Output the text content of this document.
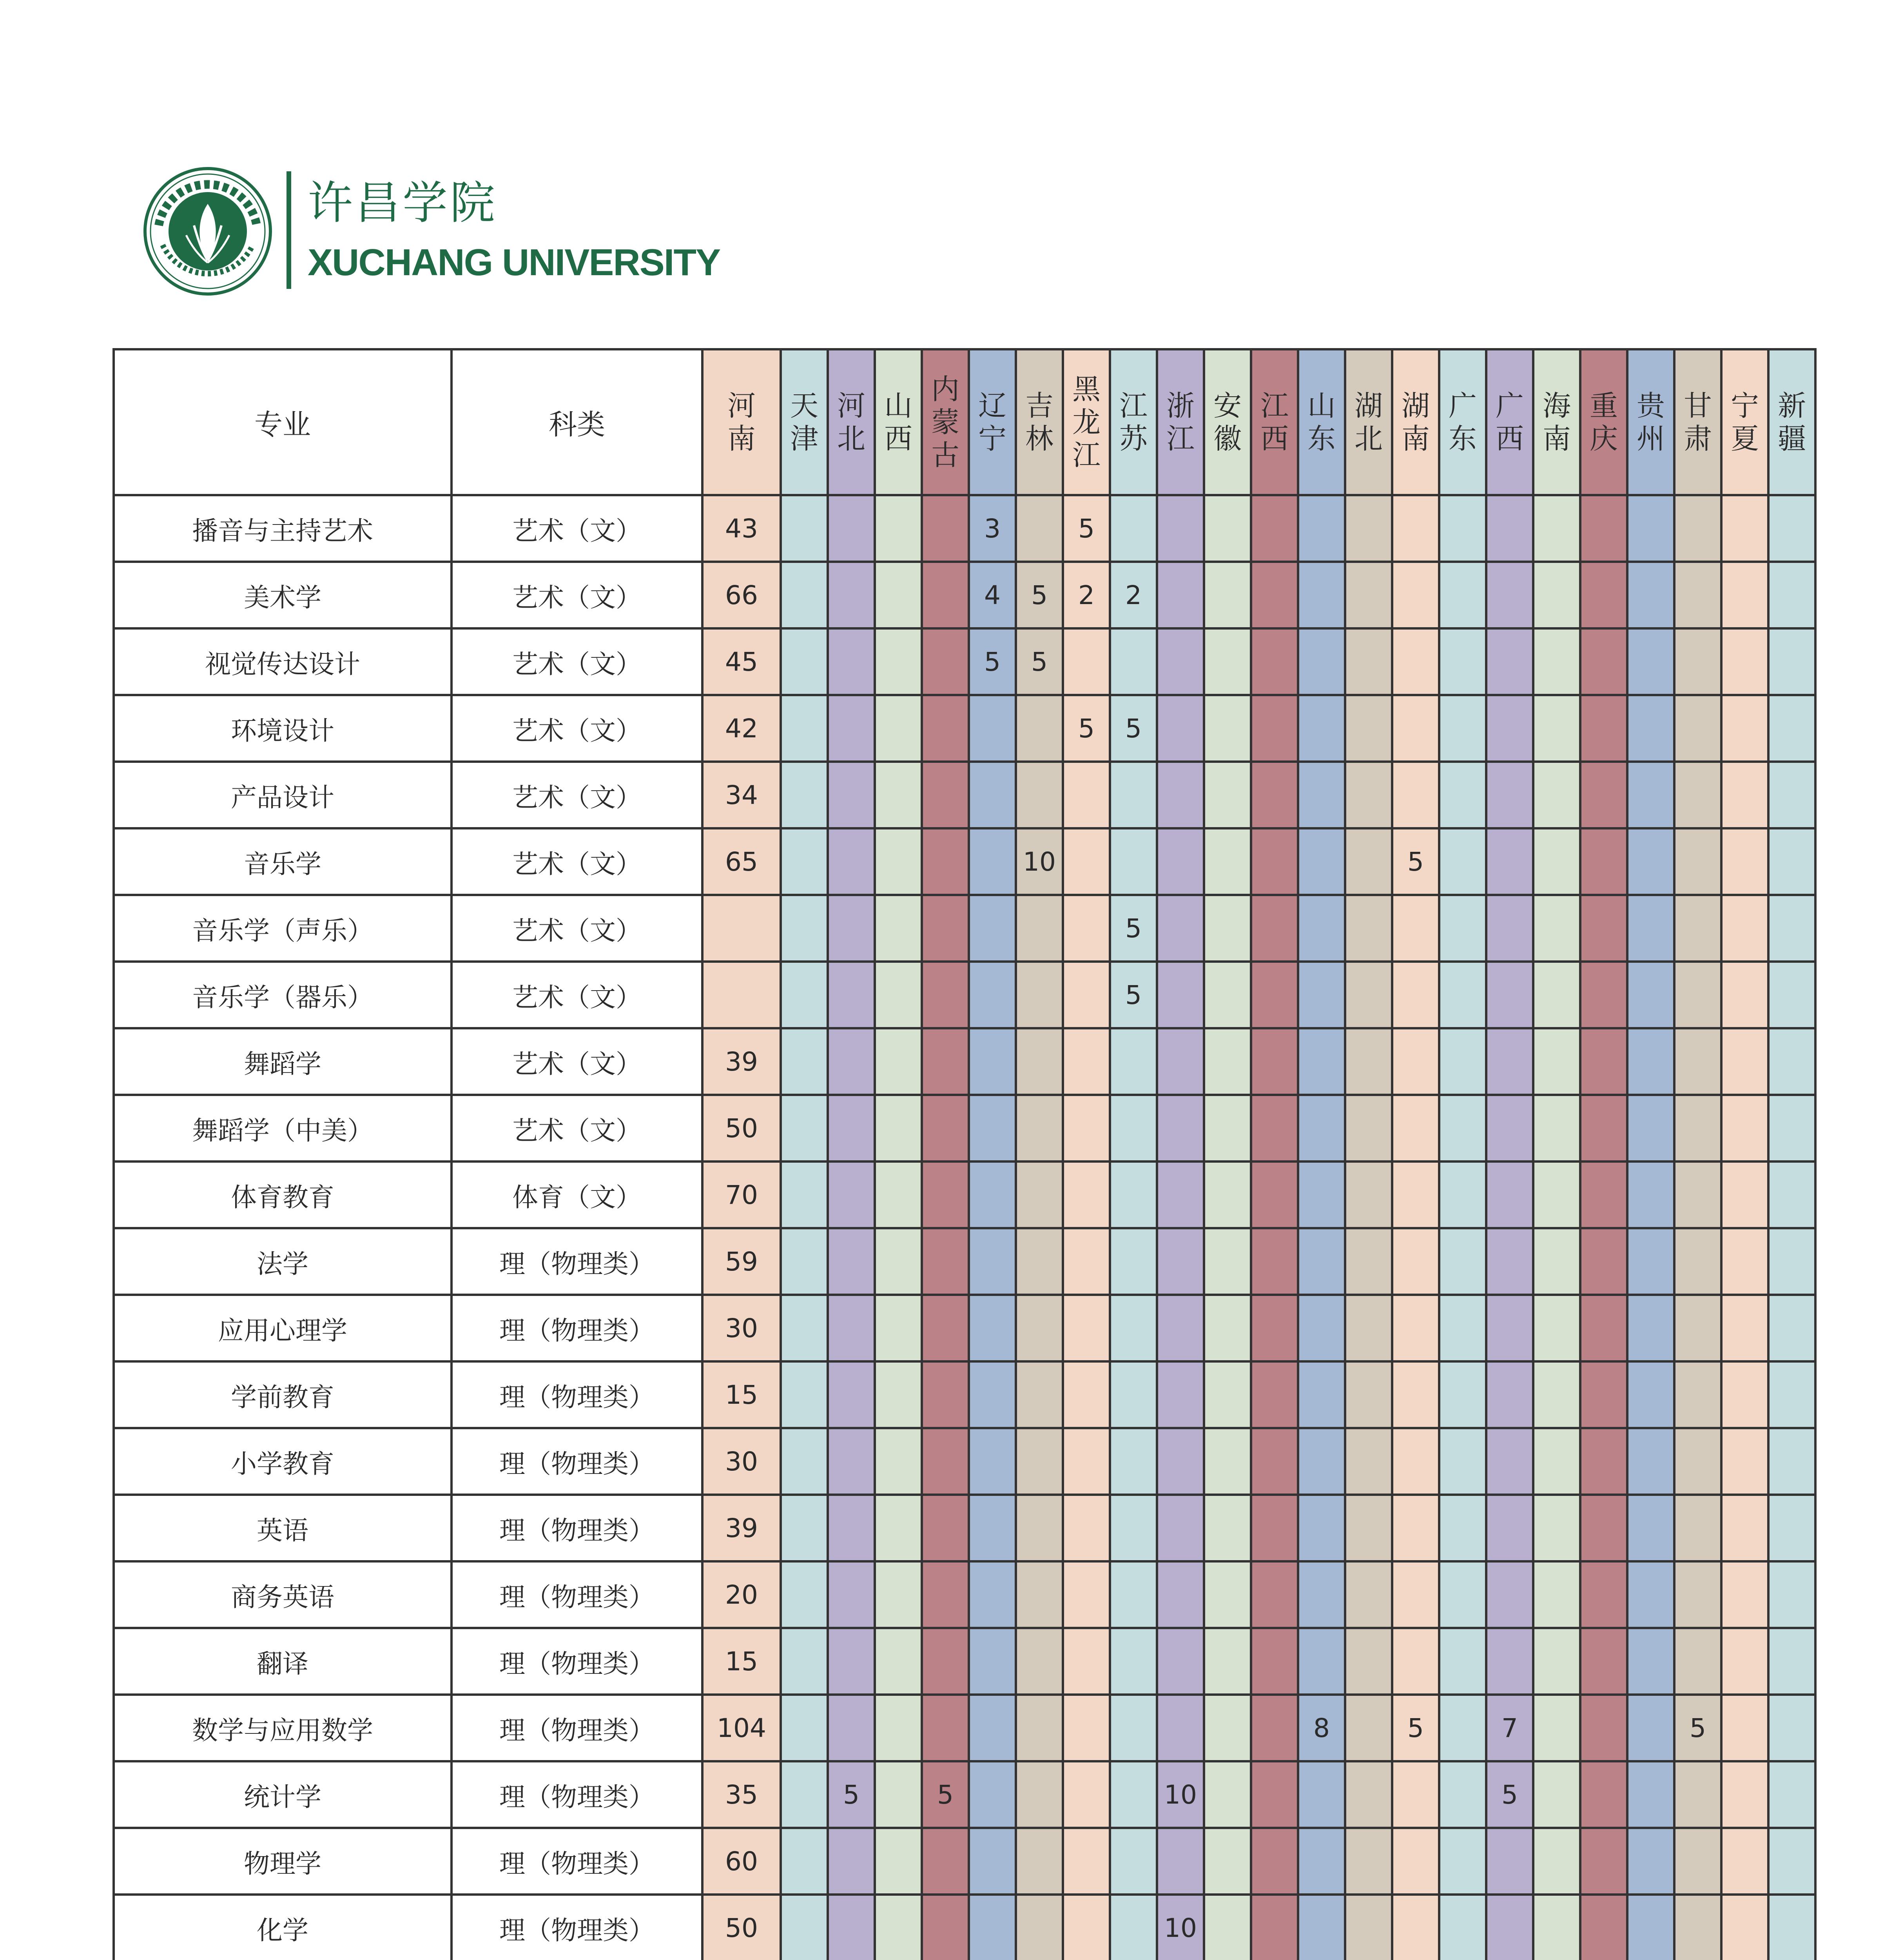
许昌学院
XUCHANG UNIVERSITY
专业	科类	河南	天津	河北	山西	内蒙古	辽宁	吉林	黑龙江	江苏	浙江	安徽	江西	山东	湖北	湖南	广东	广西	海南	重庆	贵州	甘肃	宁夏	新疆
播音与主持艺术	艺术（文）	43					3		5															
美术学	艺术（文）	66					4	5	2	2														
视觉传达设计	艺术（文）	45					5	5																
环境设计	艺术（文）	42							5	5														
产品设计	艺术（文）	34																						
音乐学	艺术（文）	65						10								5								
音乐学（声乐）	艺术（文）									5														
音乐学（器乐）	艺术（文）									5														
舞蹈学	艺术（文）	39																						
舞蹈学（中美）	艺术（文）	50																						
体育教育	体育（文）	70																						
法学	理（物理类）	59																						
应用心理学	理（物理类）	30																						
学前教育	理（物理类）	15																						
小学教育	理（物理类）	30																						
英语	理（物理类）	39																						
商务英语	理（物理类）	20																						
翻译	理（物理类）	15																						
数学与应用数学	理（物理类）	104												8		5		7				5		
统计学	理（物理类）	35		5		5					10							5						
物理学	理（物理类）	60																						
化学	理（物理类）	50									10													
